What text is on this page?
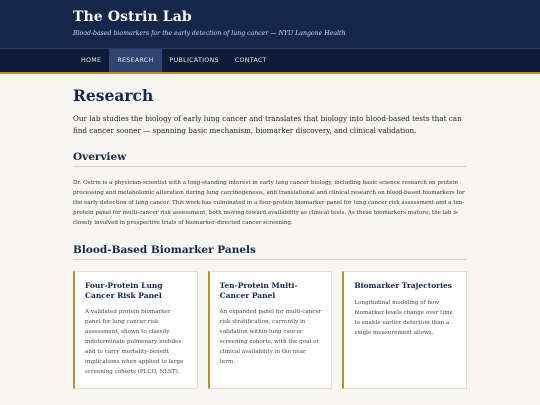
The Ostrin Lab
Blood-based biomarkers for the early detection of lung cancer — NYU Langone Health
HOME	RESEARCH	PUBLICATIONS	CONTACT
Research

Our lab studies the biology of early lung cancer and translates that biology into blood-based tests that can find cancer sooner — spanning basic mechanism, biomarker discovery, and clinical validation.

Overview

Dr. Ostrin is a physician-scientist with a long-standing interest in early lung cancer biology, including basic science research on protein processing and metabolomic alteration during lung carcinogenesis, and translational and clinical research on blood-based biomarkers for the early detection of lung cancer. This work has culminated in a four-protein biomarker panel for lung cancer risk assessment and a ten-protein panel for multi-cancer risk assessment, both moving toward availability as clinical tests. As these biomarkers mature, the lab is closely involved in prospective trials of biomarker-directed cancer screening.

Blood-Based Biomarker Panels
Four-Protein Lung Cancer Risk Panel

A validated protein biomarker panel for lung cancer risk assessment, shown to classify indeterminate pulmonary nodules and to carry mortality-benefit implications when applied to large screening cohorts (PLCO, NLST).

Ten-Protein Multi-Cancer Panel

An expanded panel for multi-cancer risk stratification, currently in validation within lung cancer screening cohorts, with the goal of clinical availability in the near term.

Biomarker Trajectories

Longitudinal modeling of how biomarker levels change over time to enable earlier detection than a single measurement allows.
